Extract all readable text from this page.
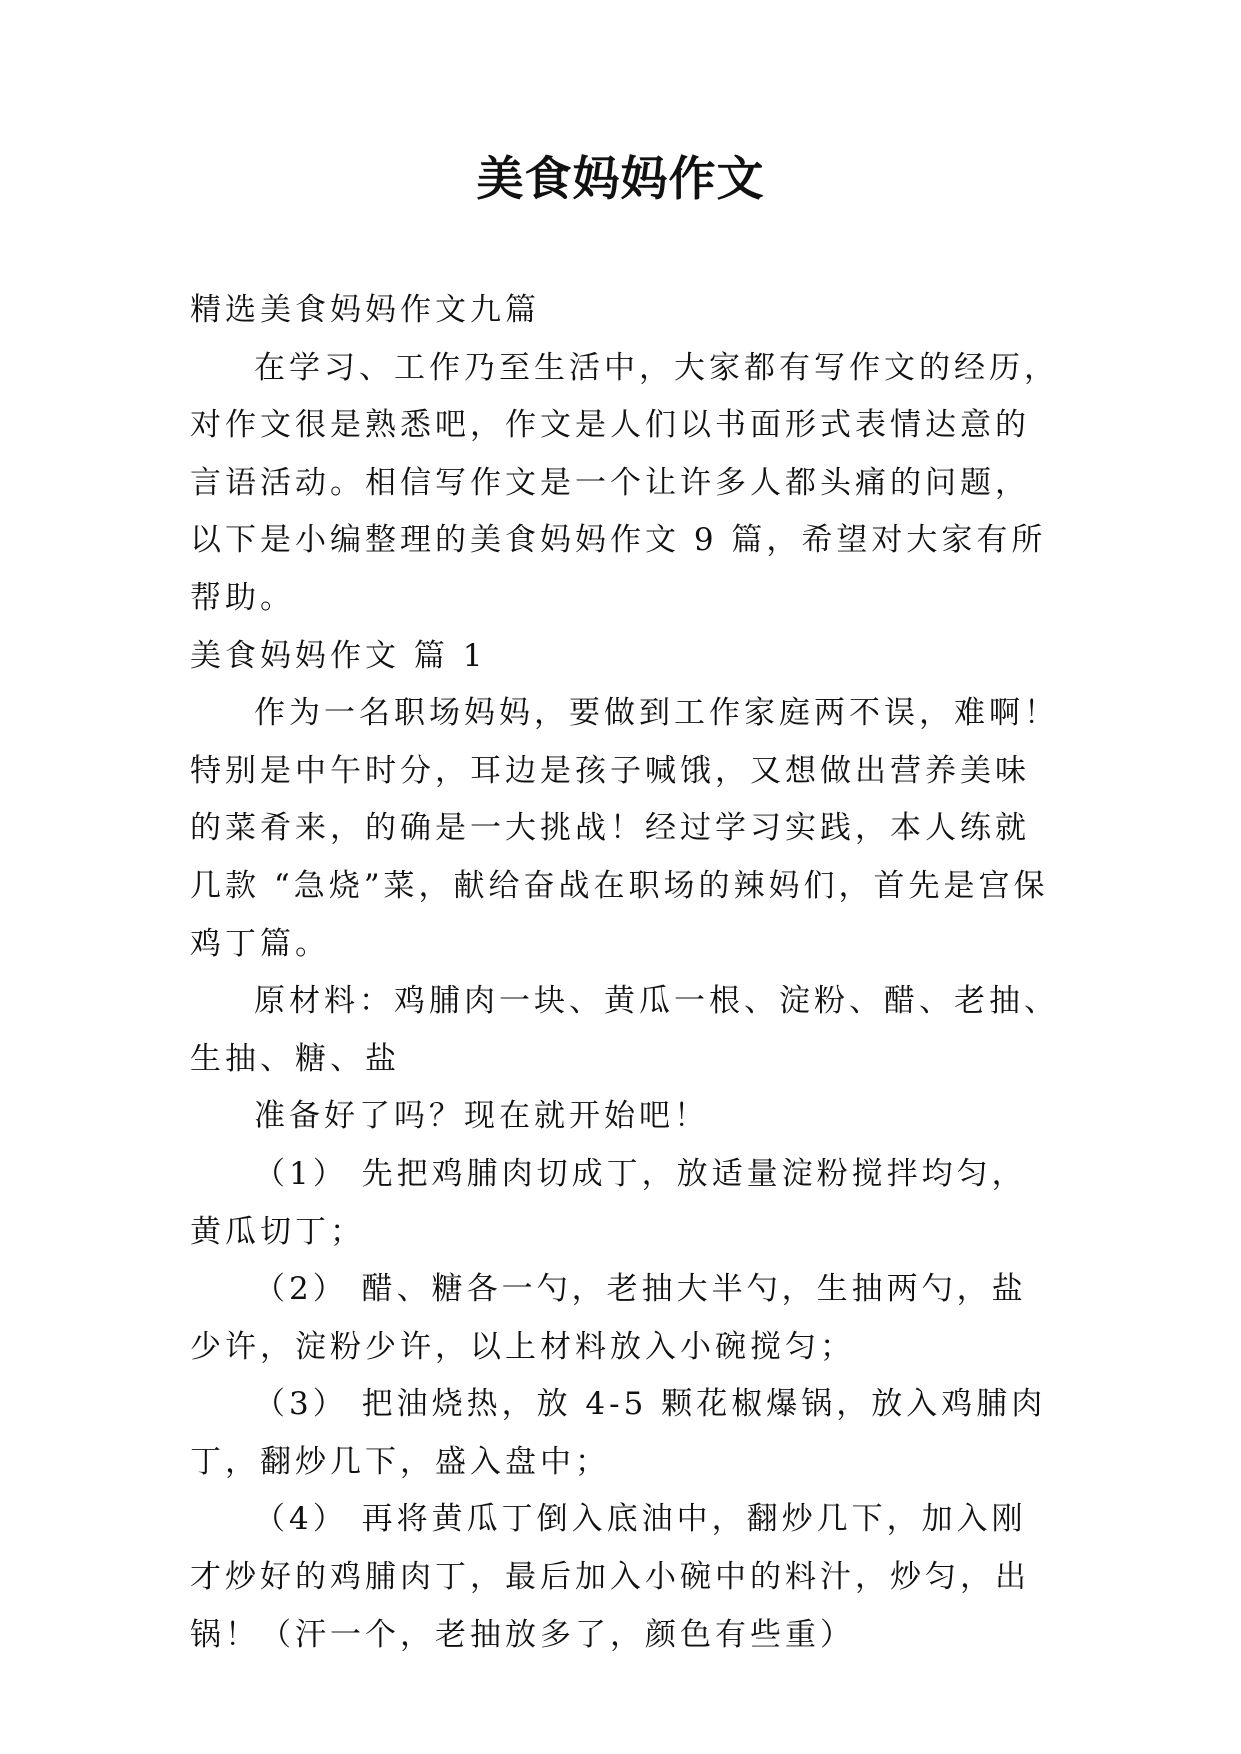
美食妈妈作文

精选美食妈妈作文九篇

在学习、工作乃至生活中，大家都有写作文的经历，对作文很是熟悉吧，作文是人们以书面形式表情达意的言语活动。相信写作文是一个让许多人都头痛的问题，以下是小编整理的美食妈妈作文 9 篇，希望对大家有所帮助。

美食妈妈作文 篇 1

作为一名职场妈妈，要做到工作家庭两不误，难啊！特别是中午时分，耳边是孩子喊饿，又想做出营养美味的菜肴来，的确是一大挑战！经过学习实践，本人练就几款 “急烧”菜，献给奋战在职场的辣妈们，首先是宫保鸡丁篇。

原材料：鸡脯肉一块、黄瓜一根、淀粉、醋、老抽、生抽、糖、盐

准备好了吗？现在就开始吧！

（1） 先把鸡脯肉切成丁，放适量淀粉搅拌均匀，黄瓜切丁；

（2） 醋、糖各一勺，老抽大半勺，生抽两勺，盐少许，淀粉少许，以上材料放入小碗搅匀；

（3） 把油烧热，放 4-5 颗花椒爆锅，放入鸡脯肉丁，翻炒几下，盛入盘中；

（4） 再将黄瓜丁倒入底油中，翻炒几下，加入刚才炒好的鸡脯肉丁，最后加入小碗中的料汁，炒匀，出锅！（汗一个，老抽放多了，颜色有些重）
